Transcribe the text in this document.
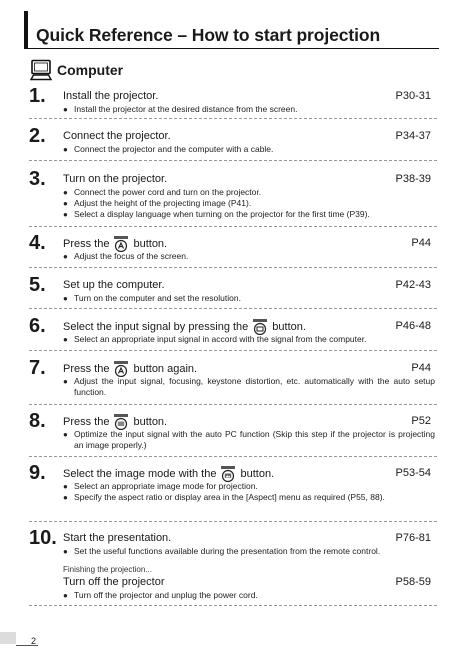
Quick Reference – How to start projection
Computer
1. Install the projector.	P30-31
● Install the projector at the desired distance from the screen.
2. Connect the projector.	P34-37
● Connect the projector and the computer with a cable.
3. Turn on the projector.	P38-39
● Connect the power cord and turn on the projector.
● Adjust the height of the projecting image (P41).
● Select a display language when turning on the projector for the first time (P39).
4. Press the button.	P44
● Adjust the focus of the screen.
5. Set up the computer.	P42-43
● Turn on the computer and set the resolution.
6. Select the input signal by pressing the button.	P46-48
● Select an appropriate input signal in accord with the signal from the computer.
7. Press the button again.	P44
● Adjust the input signal, focusing, keystone distortion, etc. automatically with the auto setup function.
8. Press the button.	P52
● Optimize the input signal with the auto PC function (Skip this step if the projector is projecting an image properly.)
9. Select the image mode with the button.	P53-54
● Select an appropriate image mode for projection.
● Specify the aspect ratio or display area in the [Aspect] menu as required (P55, 88).
10. Start the presentation.	P76-81
● Set the useful functions available during the presentation from the remote control.
Finishing the projection...
Turn off the projector	P58-59
● Turn off the projector and unplug the power cord.
2
